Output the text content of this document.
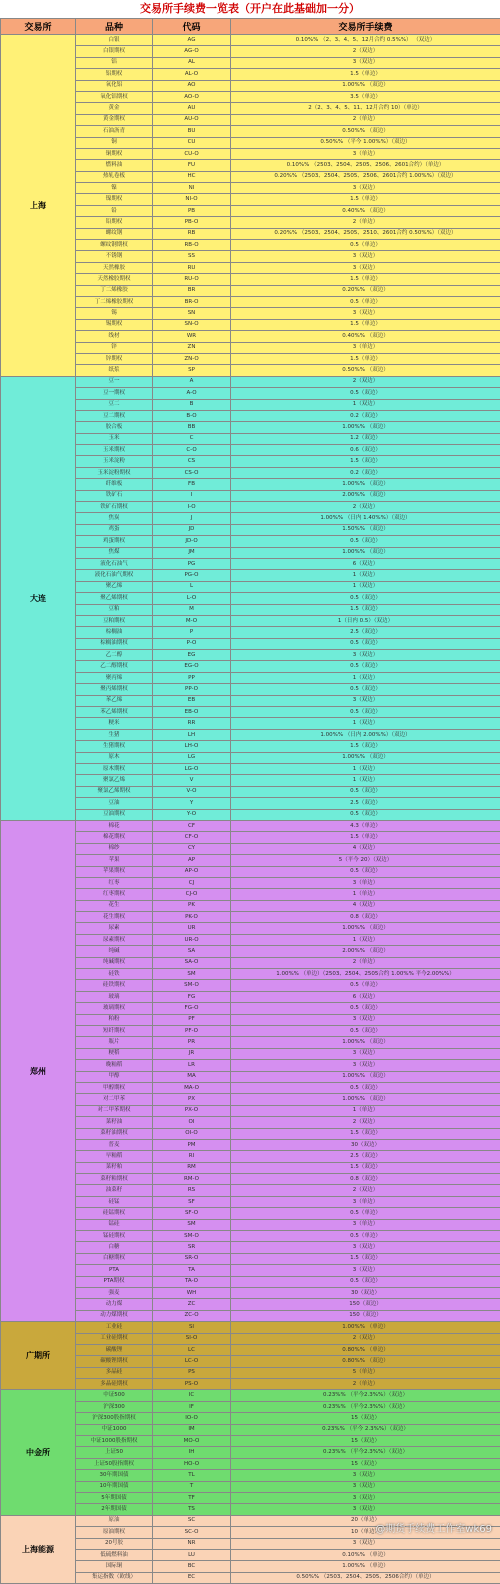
交易所手续费一览表（开户在此基础加一分）
交易所	品种	代码	交易所手续费
上海	白银	AG	0.10%% （2、3、4、5、12月合约 0.5%%） （双边）
	白银期权	AG-O	2（双边）
	铝	AL	3（双边）
	铝期权	AL-O	1.5（单边）
	氧化铝	AO	1.00%% （双边）
	氧化铝期权	AO-O	3.5（单边）
	黄金	AU	2（2、3、4、5、11、12月合约 10）（单边）
	黄金期权	AU-O	2（单边）
	石油沥青	BU	0.50%% （双边）
	铜	CU	0.50%% （平今 1.00%%）（双边）
	铜期权	CU-O	3（单边）
	燃料油	FU	0.10%% （2503、2504、2505、2506、2601合约）（单边）
	热轧卷板	HC	0.20%% （2503、2504、2505、2506、2601合约 1.00%%）（双边）
	镍	NI	3（双边）
	镍期权	NI-O	1.5（单边）
	铅	PB	0.40%% （双边）
	铅期权	PB-O	2（单边）
	螺纹钢	RB	0.20%% （2503、2504、2505、2510、2601合约 0.50%%）（双边）
	螺纹钢期权	RB-O	0.5（单边）
	不锈钢	SS	3（双边）
	天然橡胶	RU	3（双边）
	天然橡胶期权	RU-O	1.5（单边）
	丁二烯橡胶	BR	0.20%% （双边）
	丁二烯橡胶期权	BR-O	0.5（单边）
	锡	SN	3（双边）
	锡期权	SN-O	1.5（单边）
	线材	WR	0.40%% （双边）
	锌	ZN	3（单边）
	锌期权	ZN-O	1.5（单边）
	纸浆	SP	0.50%% （双边）
大连	豆一	A	2（双边）
	豆一期权	A-O	0.5（双边）
	豆二	B	1（双边）
	豆二期权	B-O	0.2（双边）
	胶合板	BB	1.00%% （双边）
	玉米	C	1.2（双边）
	玉米期权	C-O	0.6（双边）
	玉米淀粉	CS	1.5（双边）
	玉米淀粉期权	CS-O	0.2（双边）
	纤维板	FB	1.00%% （双边）
	铁矿石	I	2.00%% （双边）
	铁矿石期权	I-O	2（双边）
	焦炭	J	1.00%% （日内 1.40%%）（双边）
	鸡蛋	JD	1.50%% （双边）
	鸡蛋期权	JD-O	0.5（双边）
	焦煤	JM	1.00%% （双边）
	液化石油气	PG	6（双边）
	液化石油气期权	PG-O	1（双边）
	聚乙烯	L	1（双边）
	聚乙烯期权	L-O	0.5（双边）
	豆粕	M	1.5（双边）
	豆粕期权	M-O	1（日内 0.5）（双边）
	棕榈油	P	2.5（双边）
	棕榈油期权	P-O	0.5（双边）
	乙二醇	EG	3（双边）
	乙二醇期权	EG-O	0.5（双边）
	聚丙烯	PP	1（双边）
	聚丙烯期权	PP-O	0.5（双边）
	苯乙烯	EB	3（双边）
	苯乙烯期权	EB-O	0.5（双边）
	粳米	RR	1（双边）
	生猪	LH	1.00%% （日内 2.00%%）（双边）
	生猪期权	LH-O	1.5（双边）
	原木	LG	1.00%% （双边）
	原木期权	LG-O	1（双边）
	聚氯乙烯	V	1（双边）
	聚氯乙烯期权	V-O	0.5（双边）
	豆油	Y	2.5（双边）
	豆油期权	Y-O	0.5（双边）
郑州	棉花	CF	4.3（单边）
	棉花期权	CF-O	1.5（单边）
	棉纱	CY	4（双边）
	苹果	AP	5（平今 20）（双边）
	苹果期权	AP-O	0.5（双边）
	红枣	CJ	3（单边）
	红枣期权	CJ-O	1（单边）
	花生	PK	4（双边）
	花生期权	PK-O	0.8（双边）
	尿素	UR	1.00%% （双边）
	尿素期权	UR-O	1（双边）
	纯碱	SA	2.00%% （双边）
	纯碱期权	SA-O	2（单边）
	硅铁	SM	1.00%% （单边）（2503、2504、2505合约 1.00%% 平今2.00%%）
	硅铁期权	SM-O	0.5（单边）
	玻璃	FG	6（双边）
	玻璃期权	FG-O	0.5（双边）
	粕粉	PF	3（双边）
	短纤期权	PF-O	0.5（双边）
	瓶片	PR	1.00%% （双边）
	粳稻	JR	3（双边）
	晚籼稻	LR	3（双边）
	甲醇	MA	1.00%% （双边）
	甲醇期权	MA-O	0.5（双边）
	对二甲苯	PX	1.00%% （双边）
	对二甲苯期权	PX-O	1（单边）
	菜籽油	OI	2（双边）
	菜籽油期权	OI-O	1.5（双边）
	普麦	PM	30（双边）
	早籼稻	RI	2.5（双边）
	菜籽粕	RM	1.5（双边）
	菜籽粕期权	RM-O	0.8（双边）
	油菜籽	RS	2（双边）
	硅锰	SF	3（单边）
	硅锰期权	SF-O	0.5（单边）
	锰硅	SM	3（单边）
	锰硅期权	SM-O	0.5（单边）
	白糖	SR	3（双边）
	白糖期权	SR-O	1.5（双边）
	PTA	TA	3（双边）
	PTA期权	TA-O	0.5（双边）
	强麦	WH	30（双边）
	动力煤	ZC	150（双边）
	动力煤期权	ZC-O	150（双边）
广期所	工业硅	SI	1.00%% （单边）
	工业硅期权	SI-O	2（双边）
	碳酸锂	LC	0.80%% （单边）
	碳酸锂期权	LC-O	0.80%% （双边）
	多晶硅	PS	5（单边）
	多晶硅期权	PS-O	2（单边）
中金所	中证500	IC	0.23%% （平今2.3%%）（双边）
	沪深300	IF	0.23%% （平今2.3%%）（双边）
	沪深300股指期权	IO-O	15（双边）
	中证1000	IM	0.23%% （平今 2.3%%）（双边）
	中证1000股指期权	MO-O	15（双边）
	上证50	IH	0.23%% （平今2.3%%）（双边）
	上证50股指期权	HO-O	15（双边）
	30年期国债	TL	3（双边）
	10年期国债	T	3（双边）
	5年期国债	TF	3（双边）
	2年期国债	TS	3（双边）
上海能源	原油	SC	20（单边）
	原油期权	SC-O	10（单边）
	20号胶	NR	3（双边）
	低硫燃料油	LU	0.10%% （单边）
	国际铜	BC	1.00%% （单边）
	集运指数（欧线）	EC	0.50%% （2503、2504、2505、2506合约）（单边）
@期货手续费工作室wk69
